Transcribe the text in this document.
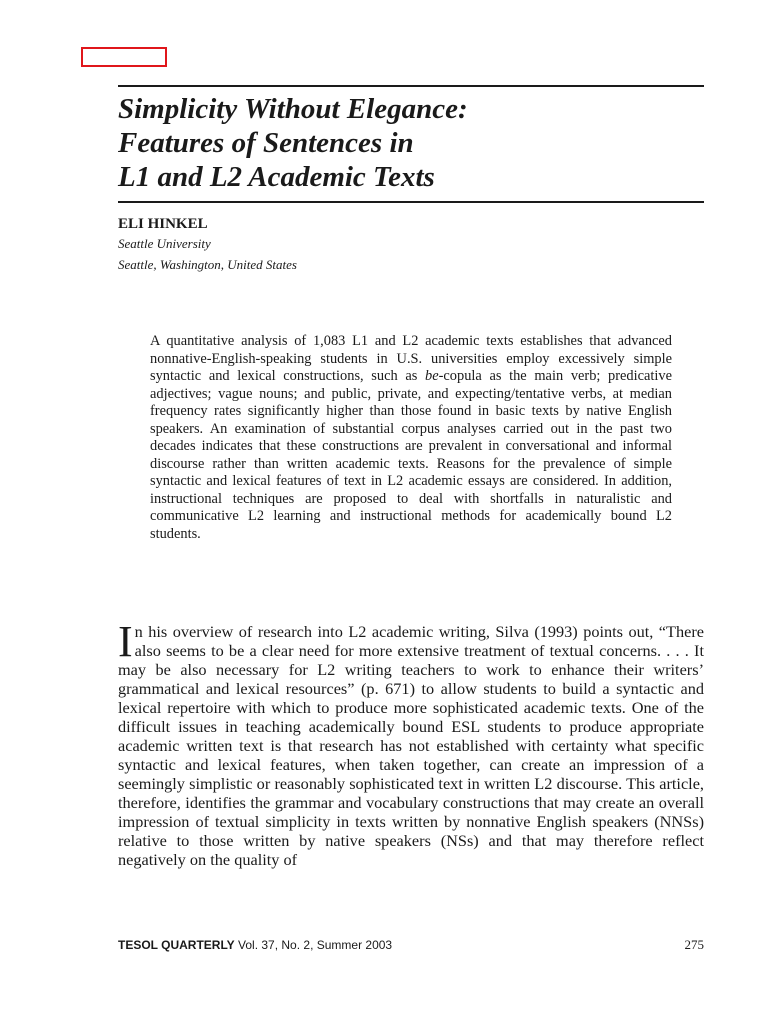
Simplicity Without Elegance:
Features of Sentences in
L1 and L2 Academic Texts

ELI HINKEL

Seattle University

Seattle, Washington, United States

A quantitative analysis of 1,083 L1 and L2 academic texts establishes that advanced nonnative-English-speaking students in U.S. universities employ excessively simple syntactic and lexical constructions, such as be-copula as the main verb; predicative adjectives; vague nouns; and public, private, and expecting/tentative verbs, at median frequency rates significantly higher than those found in basic texts by native English speakers. An examination of substantial corpus analyses carried out in the past two decades indicates that these constructions are prevalent in conversational and informal discourse rather than written academic texts. Reasons for the prevalence of simple syntactic and lexical features of text in L2 academic essays are considered. In addition, instructional techniques are proposed to deal with shortfalls in naturalistic and communicative L2 learning and instructional methods for academically bound L2 students.

In his overview of research into L2 academic writing, Silva (1993) points out, “There also seems to be a clear need for more extensive treatment of textual concerns. . . . It may be also necessary for L2 writing teachers to work to enhance their writers’ grammatical and lexical resources” (p. 671) to allow students to build a syntactic and lexical repertoire with which to produce more sophisticated academic texts. One of the difficult issues in teaching academically bound ESL students to produce appropriate academic written text is that research has not established with certainty what specific syntactic and lexical features, when taken together, can create an impression of a seemingly simplistic or reasonably sophisticated text in written L2 discourse. This article, therefore, identifies the grammar and vocabulary constructions that may create an overall impression of textual simplicity in texts written by nonnative English speakers (NNSs) relative to those written by native speakers (NSs) and that may therefore reflect negatively on the quality of

TESOL QUARTERLY Vol. 37, No. 2, Summer 2003	275
